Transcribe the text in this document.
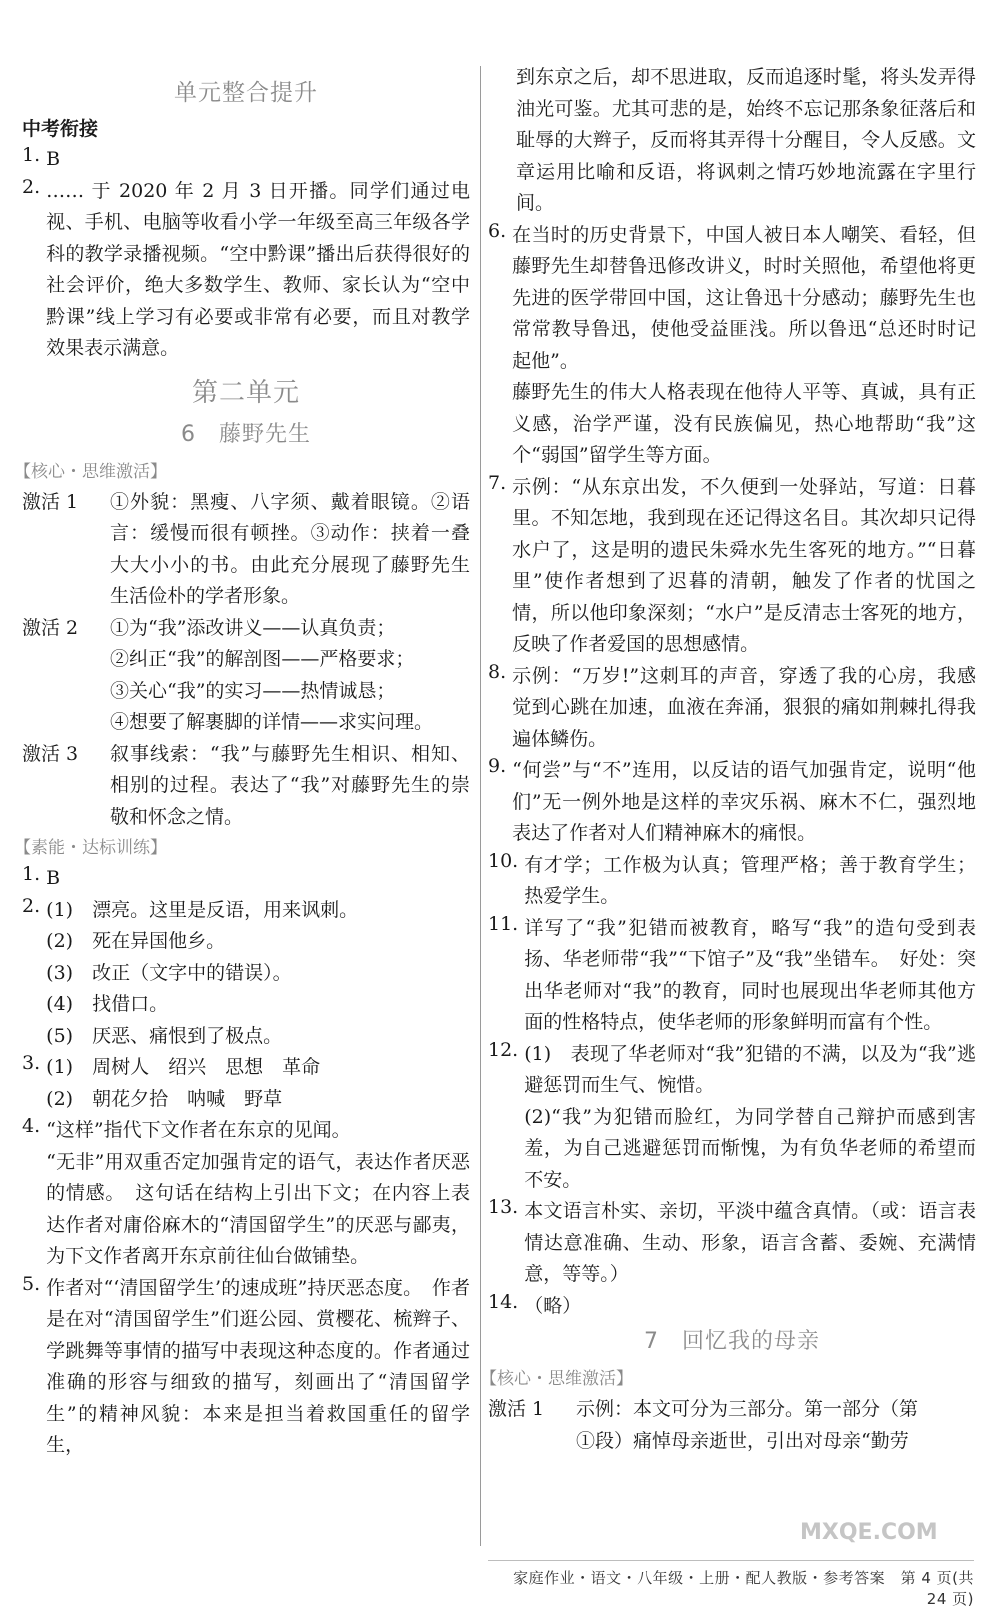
单元整合提升
中考衔接
1. B

2. …… 于 2020 年 2 月 3 日开播。同学们通过电视、手机、电脑等收看小学一年级至高三年级各学科的教学录播视频。“空中黔课”播出后获得很好的社会评价，绝大多数学生、教师、家长认为“空中黔课”线上学习有必要或非常有必要，而且对教学效果表示满意。

第二单元
6　藤野先生
【核心・思维激活】
激活 1	①外貌：黑瘦、八字须、戴着眼镜。②语言：缓慢而很有顿挫。③动作：挟着一叠大大小小的书。由此充分展现了藤野先生生活俭朴的学者形象。

激活 2	①为“我”添改讲义——认真负责；

②纠正“我”的解剖图——严格要求；

③关心“我”的实习——热情诚恳；

④想要了解裹脚的详情——求实问理。

激活 3	叙事线索：“我”与藤野先生相识、相知、相别的过程。表达了“我”对藤野先生的崇敬和怀念之情。

【素能・达标训练】
1. B

2. (1)　漂亮。这里是反语，用来讽刺。

(2)　死在异国他乡。

(3)　改正（文字中的错误）。

(4)　找借口。

(5)　厌恶、痛恨到了极点。

3. (1)　周树人　绍兴　思想　革命

(2)　朝花夕拾　呐喊　野草

4. “这样”指代下文作者在东京的见闻。

“无非”用双重否定加强肯定的语气，表达作者厌恶的情感。　这句话在结构上引出下文；在内容上表达作者对庸俗麻木的“清国留学生”的厌恶与鄙夷，为下文作者离开东京前往仙台做铺垫。

5. 作者对“‘清国留学生’的速成班”持厌恶态度。　作者是在对“清国留学生”们逛公园、赏樱花、梳辫子、学跳舞等事情的描写中表现这种态度的。作者通过准确的形容与细致的描写，刻画出了“清国留学生”的精神风貌：本来是担当着救国重任的留学生，

到东京之后，却不思进取，反而追逐时髦，将头发弄得油光可鉴。尤其可悲的是，始终不忘记那条象征落后和耻辱的大辫子，反而将其弄得十分醒目，令人反感。文章运用比喻和反语，将讽刺之情巧妙地流露在字里行间。

6. 在当时的历史背景下，中国人被日本人嘲笑、看轻，但藤野先生却替鲁迅修改讲义，时时关照他，希望他将更先进的医学带回中国，这让鲁迅十分感动；藤野先生也常常教导鲁迅，使他受益匪浅。所以鲁迅“总还时时记起他”。

藤野先生的伟大人格表现在他待人平等、真诚，具有正义感，治学严谨，没有民族偏见，热心地帮助“我”这个“弱国”留学生等方面。

7. 示例：“从东京出发，不久便到一处驿站，写道：日暮里。不知怎地，我到现在还记得这名目。其次却只记得水户了，这是明的遗民朱舜水先生客死的地方。”“日暮里”使作者想到了迟暮的清朝，触发了作者的忧国之情，所以他印象深刻；“水户”是反清志士客死的地方，反映了作者爱国的思想感情。

8. 示例：“万岁!”这刺耳的声音，穿透了我的心房，我感觉到心跳在加速，血液在奔涌，狠狠的痛如荆棘扎得我遍体鳞伤。

9. “何尝”与“不”连用，以反诘的语气加强肯定，说明“他们”无一例外地是这样的幸灾乐祸、麻木不仁，强烈地表达了作者对人们精神麻木的痛恨。

10. 有才学；工作极为认真；管理严格；善于教育学生；热爱学生。

11. 详写了“我”犯错而被教育，略写“我”的造句受到表扬、华老师带“我”“下馆子”及“我”坐错车。　好处：突出华老师对“我”的教育，同时也展现出华老师其他方面的性格特点，使华老师的形象鲜明而富有个性。

12. (1)　表现了华老师对“我”犯错的不满，以及为“我”逃避惩罚而生气、惋惜。

(2)“我”为犯错而脸红，为同学替自己辩护而感到害羞，为自己逃避惩罚而惭愧，为有负华老师的希望而不安。

13. 本文语言朴实、亲切，平淡中蕴含真情。（或：语言表情达意准确、生动、形象，语言含蓄、委婉、充满情意，等等。）

14. （略）

7　回忆我的母亲
【核心・思维激活】
激活 1	示例：本文可分为三部分。第一部分（第

①段）痛悼母亲逝世，引出对母亲“勤劳

MXQE.COM
家庭作业・语文・八年级・上册・配人教版・参考答案　第 4 页(共 24 页)
